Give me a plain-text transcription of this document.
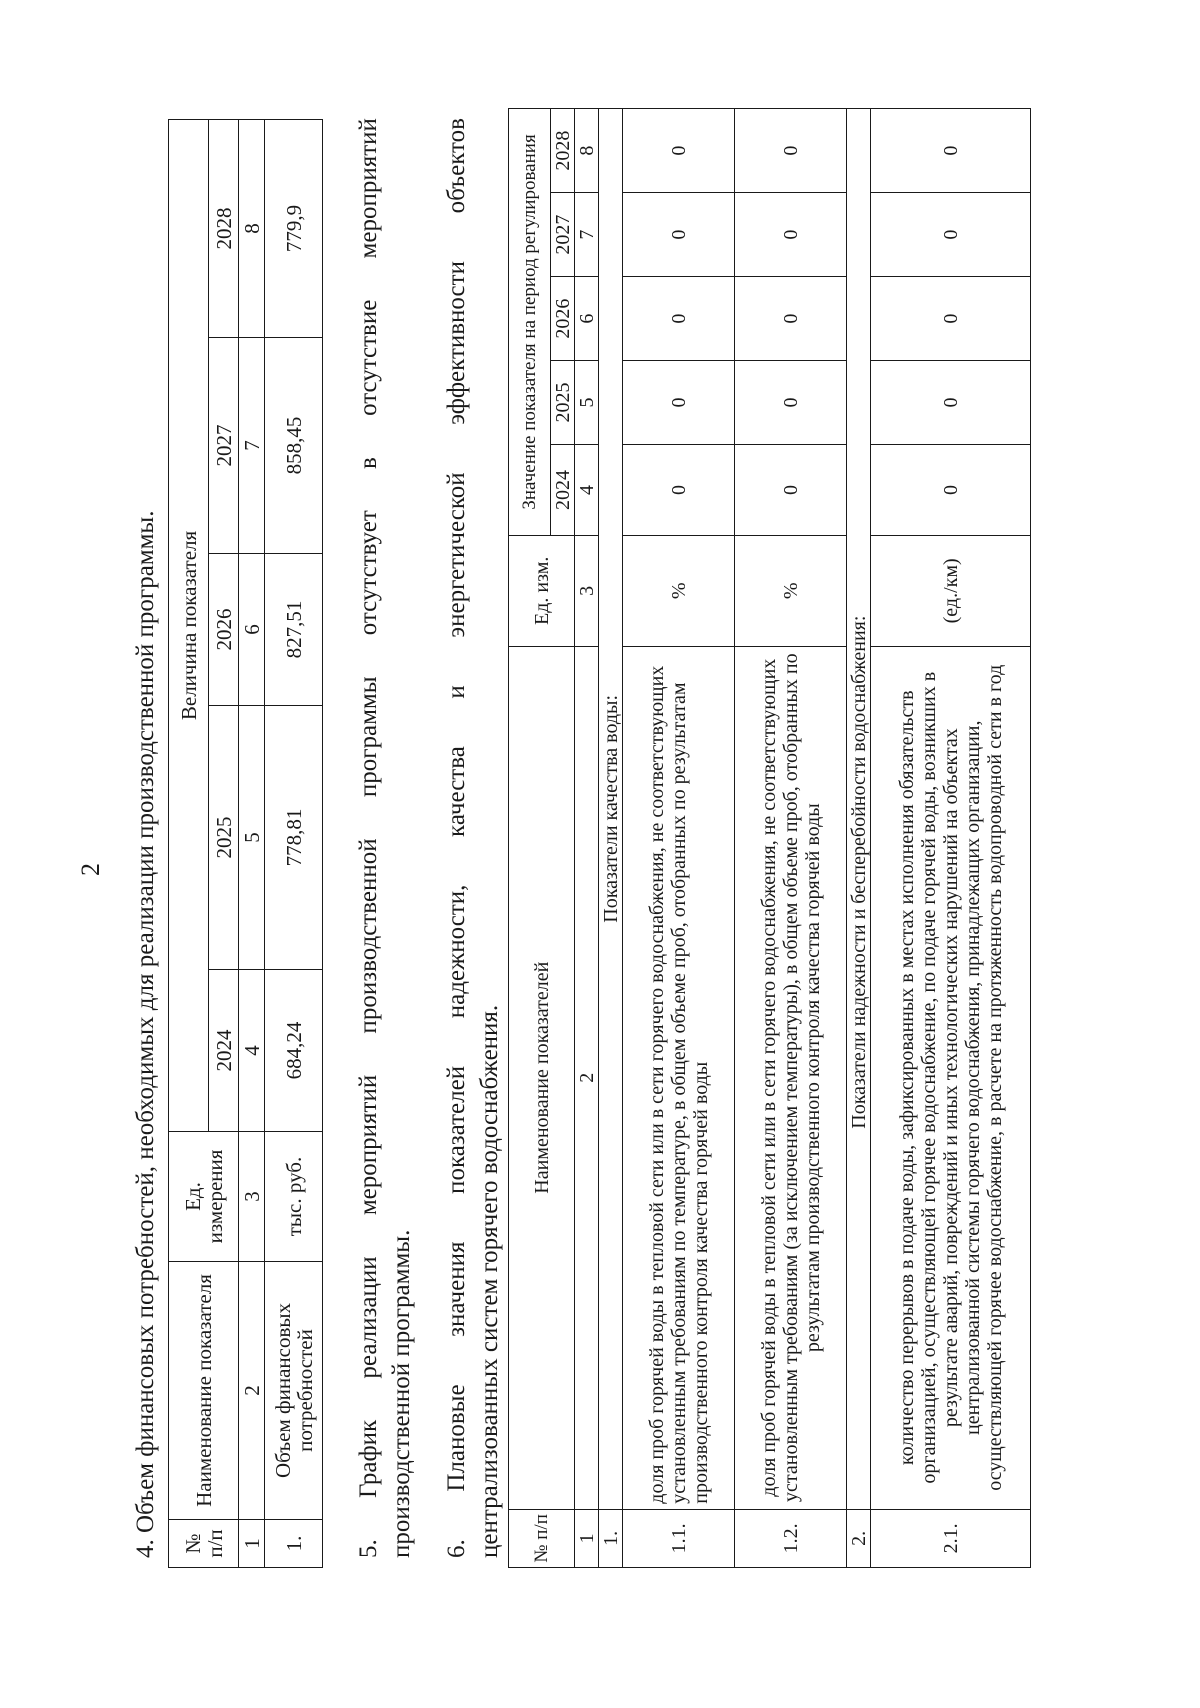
2 4. Объем финансовых потребностей, необходимых для реализации производственной программы. № п/п	Наименование показателя	Ед. измерения	Величина показателя				
			2024	2025	2026	2027	2028
1	2	3	4	5	6	7	8
1.	Объем финансовых потребностей	тыс. руб.	684,24	778,81	827,51	858,45	779,9
5.
График
реализации
мероприятий
производственной
программы
отсутствует
в
отсутствие
мероприятий
производственной программы. 6.
Плановые
значения
показателей
надежности,
качества
и
энергетической
эффективности
объектов
централизованных систем горячего водоснабжения. № п/п	Наименование показателей	Ед. изм.	Значение показателя на период регулирования				
			2024	2025	2026	2027	2028
1	2	3	4	5	6	7	8
1.	Показатели качества воды:						
1.1.	доля проб горячей воды в тепловой сети или в сети горячего водоснабжения, не соответствующих установленным требованиям по температуре, в общем объеме проб, отобранных по результатам производственного контроля качества горячей воды	%	0	0	0	0	0
1.2.	доля проб горячей воды в тепловой сети или в сети горячего водоснабжения, не соответствующих установленным требованиям (за исключением температуры), в общем объеме проб, отобранных по результатам производственного контроля качества горячей воды	%	0	0	0	0	0
2.	Показатели надежности и бесперебойности водоснабжения:						
2.1.	количество перерывов в подаче воды, зафиксированных в местах исполнения обязательств организацией, осуществляющей горячее водоснабжение, по подаче горячей воды, возникших в результате аварий, повреждений и иных технологических нарушений на объектах централизованной системы горячего водоснабжения, принадлежащих организации, осуществляющей горячее водоснабжение, в расчете на протяженность водопроводной сети в год	(ед./км)	0	0	0	0	0
